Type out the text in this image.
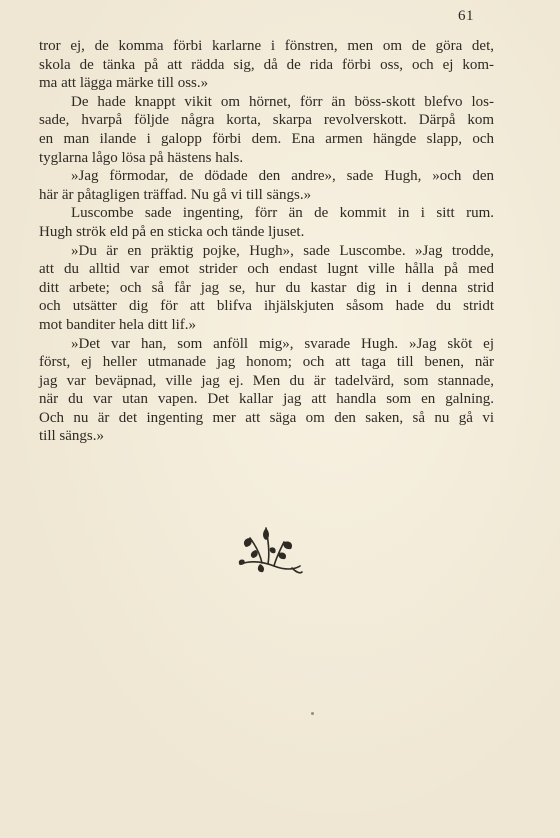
61
tror ej, de komma förbi karlarne i fönstren, men om de göra det,
skola de tänka på att rädda sig, då de rida förbi oss, och ej kom-
ma att lägga märke till oss.»
De hade knappt vikit om hörnet, förr än böss-skott blefvo los-
sade, hvarpå följde några korta, skarpa revolverskott. Därpå kom
en man ilande i galopp förbi dem. Ena armen hängde slapp, och
tyglarna lågo lösa på hästens hals.
»Jag förmodar, de dödade den andre», sade Hugh, »och den
här är påtagligen träffad. Nu gå vi till sängs.»
Luscombe sade ingenting, förr än de kommit in i sitt rum.
Hugh strök eld på en sticka och tände ljuset.
»Du är en präktig pojke, Hugh», sade Luscombe. »Jag trodde,
att du alltid var emot strider och endast lugnt ville hålla på med
ditt arbete; och så får jag se, hur du kastar dig in i denna strid
och utsätter dig för att blifva ihjälskjuten såsom hade du stridt
mot banditer hela ditt lif.»
»Det var han, som anföll mig», svarade Hugh. »Jag sköt ej
först, ej heller utmanade jag honom; och att taga till benen, när
jag var beväpnad, ville jag ej. Men du är tadelvärd, som stannade,
när du var utan vapen. Det kallar jag att handla som en galning.
Och nu är det ingenting mer att säga om den saken, så nu gå vi
till sängs.»
